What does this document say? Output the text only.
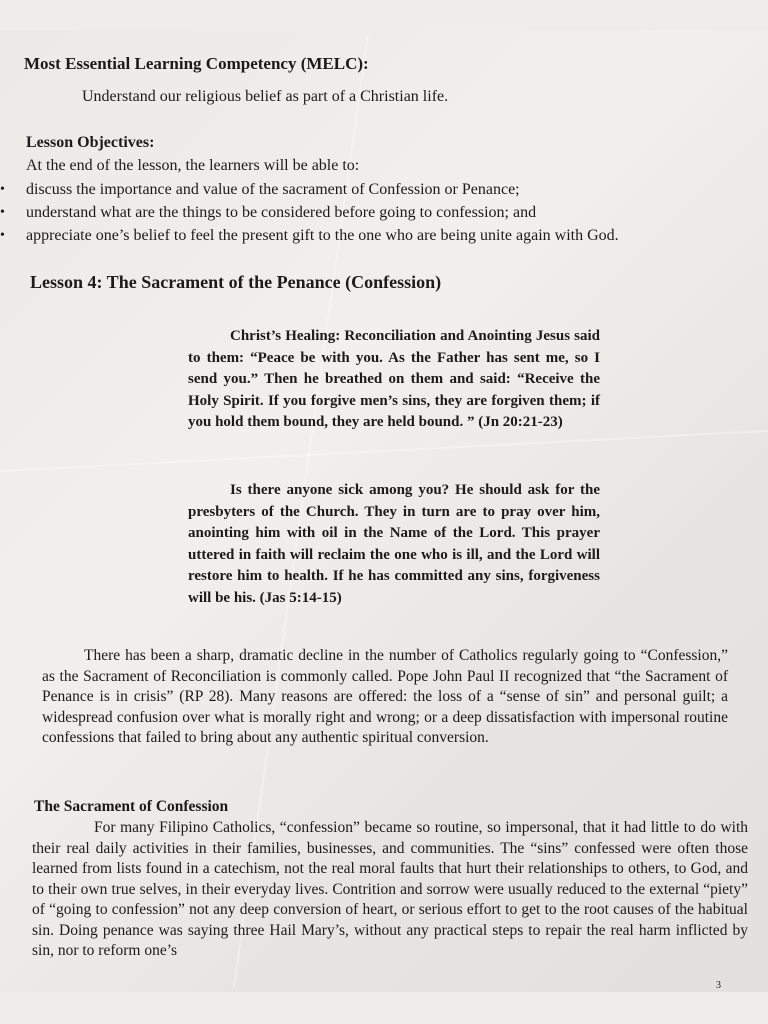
Most Essential Learning Competency (MELC):
Understand our religious belief as part of a Christian life.
Lesson Objectives:
At the end of the lesson, the learners will be able to:
• discuss the importance and value of the sacrament of Confession or Penance;
• understand what are the things to be considered before going to confession; and
• appreciate one’s belief to feel the present gift to the one who are being unite again with God.
Lesson 4: The Sacrament of the Penance (Confession)
Christ’s Healing: Reconciliation and Anointing Jesus said to them: “Peace be with you. As the Father has sent me, so I send you.” Then he breathed on them and said: “Receive the Holy Spirit. If you forgive men’s sins, they are forgiven them; if you hold them bound, they are held bound. ” (Jn 20:21-23)
Is there anyone sick among you? He should ask for the presbyters of the Church. They in turn are to pray over him, anointing him with oil in the Name of the Lord. This prayer uttered in faith will reclaim the one who is ill, and the Lord will restore him to health. If he has committed any sins, forgiveness will be his. (Jas 5:14-15)
There has been a sharp, dramatic decline in the number of Catholics regularly going to “Confession,” as the Sacrament of Reconciliation is commonly called. Pope John Paul II recognized that “the Sacrament of Penance is in crisis” (RP 28). Many reasons are offered: the loss of a “sense of sin” and personal guilt; a widespread confusion over what is morally right and wrong; or a deep dissatisfaction with impersonal routine confessions that failed to bring about any authentic spiritual conversion.
The Sacrament of Confession
For many Filipino Catholics, “confession” became so routine, so impersonal, that it had little to do with their real daily activities in their families, businesses, and communities. The “sins” confessed were often those learned from lists found in a catechism, not the real moral faults that hurt their relationships to others, to God, and to their own true selves, in their everyday lives. Contrition and sorrow were usually reduced to the external “piety” of “going to confession” not any deep conversion of heart, or serious effort to get to the root causes of the habitual sin. Doing penance was saying three Hail Mary’s, without any practical steps to repair the real harm inflicted by sin, nor to reform one’s
3
